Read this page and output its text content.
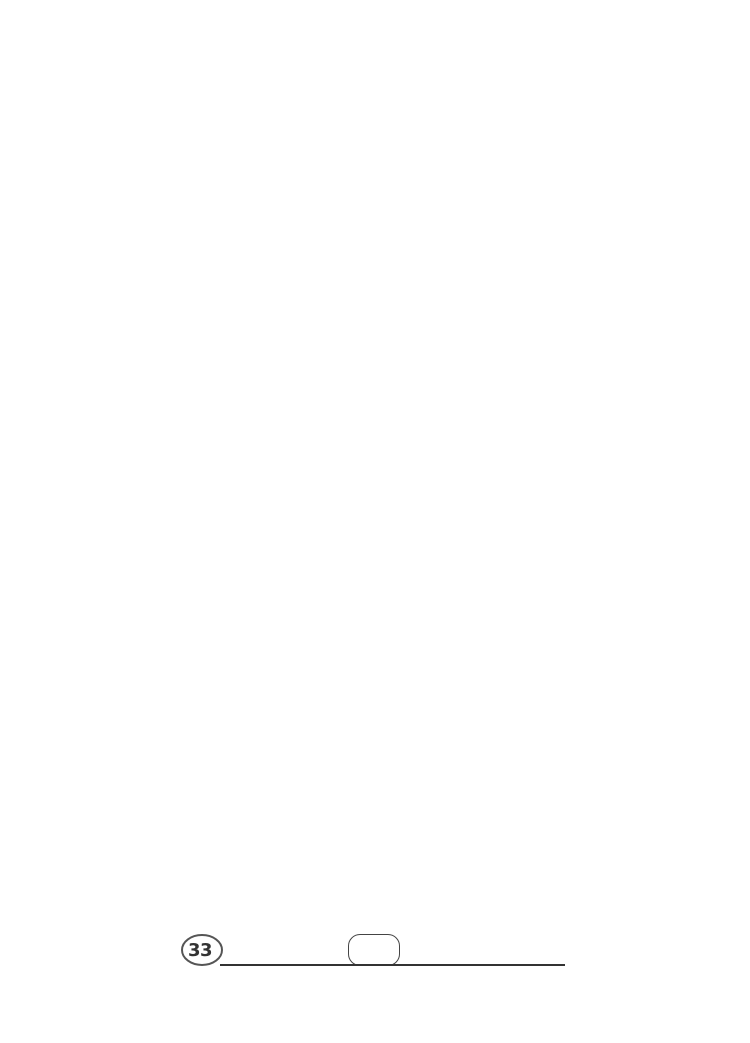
3 3
